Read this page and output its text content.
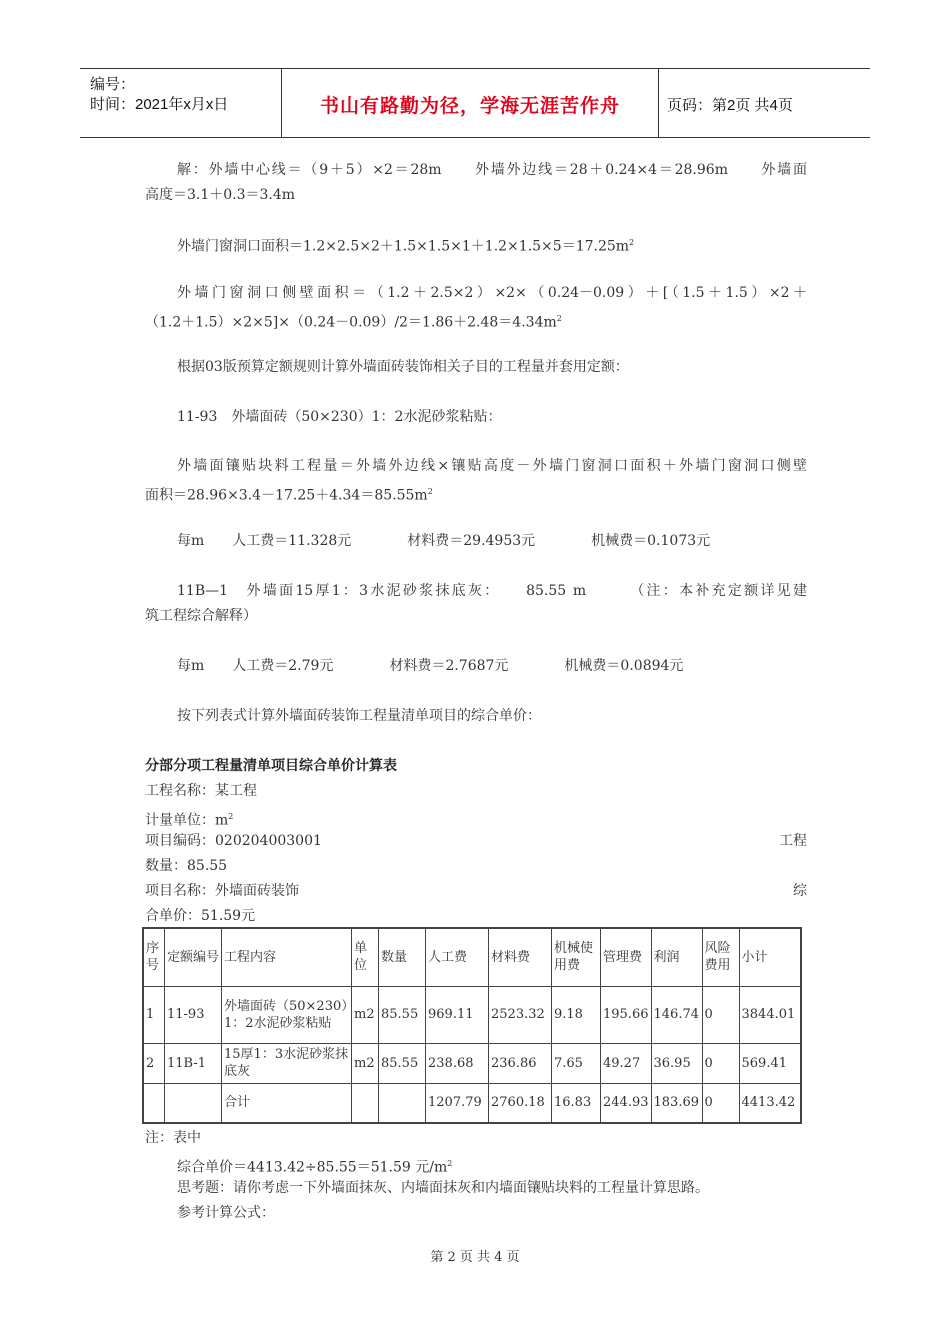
编号：
时间：2021年x月x日	书山有路勤为径，学海无涯苦作舟	页码：第2页 共4页
解：外墙中心线＝（9＋5）×2＝28m　　外墙外边线＝28＋0.24×4＝28.96m　　外墙面
高度＝3.1＋0.3＝3.4m
外墙门窗洞口面积$=1.2\times 2.5\times 2+1.5\times 1.5\times 1+1.2\times 1.5\times 5=17.25m^2$
外墙门窗洞口侧壁面积＝（1.2＋2.5×2）×2×（0.24－0.09）＋[（1.5＋1.5）×2＋
$(1.2+1.5)\times 2\times 5]\times(0.24-0.09)/2=1.86+2.48=4.34m^2$
根据03版预算定额规则计算外墙面砖装饰相关子目的工程量并套用定额：
11-93　外墙面砖（50×230）1：2水泥砂浆粘贴：
外墙面镶贴块料工程量＝外墙外边线×镶贴高度－外墙门窗洞口面积＋外墙门窗洞口侧壁
面积$=28.96\times 3.4-17.25+4.34=85.55m^2$
每m　　人工费＝11.328元　　　　材料费＝29.4953元　　　　机械费＝0.1073元
11B—1　外墙面15厚1：3水泥砂浆抹底灰：　　85.55 m　　　（注：本补充定额详见建
筑工程综合解释）
每m　　人工费＝2.79元　　　　材料费＝2.7687元　　　　机械费＝0.0894元
按下列表式计算外墙面砖装饰工程量清单项目的综合单价：
分部分项工程量清单项目综合单价计算表
工程名称：某工程
计量单位：$m^2$
项目编码：020204003001	工程
数量：85.55
项目名称：外墙面砖装饰	综
合单价：51.59元
序号	定额编号	工程内容	单位	数量	人工费	材料费	机械使用费	管理费	利润	风险费用	小计
1	11-93	外墙面砖（50×230）1：2水泥砂浆粘贴	m2	85.55	969.11	2523.32	9.18	195.66	146.74	0	3844.01
2	11B-1	15厚1：3水泥砂浆抹底灰	m2	85.55	238.68	236.86	7.65	49.27	36.95	0	569.41
		合计			1207.79	2760.18	16.83	244.93	183.69	0	4413.42
注：表中
综合单价＝4413.42÷85.55＝51.59 元$/m^2$
思考题：请你考虑一下外墙面抹灰、内墙面抹灰和内墙面镶贴块料的工程量计算思路。
参考计算公式：
第 2 页 共 4 页
